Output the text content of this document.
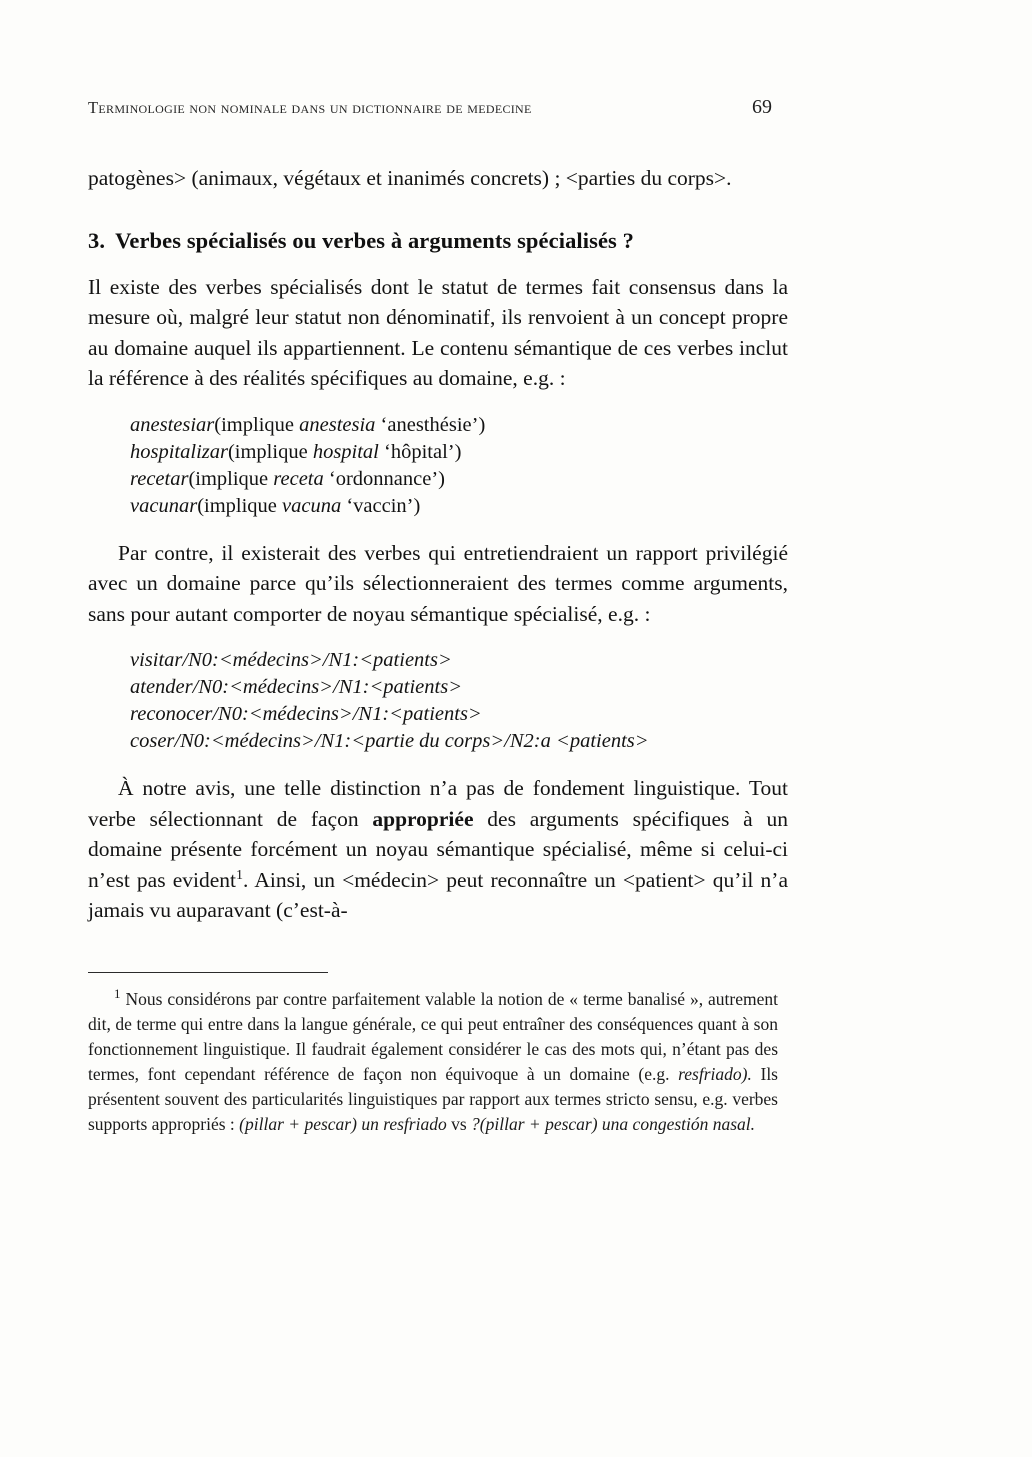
Terminologie non nominale dans un dictionnaire de medecine	69

patogènes> (animaux, végétaux et inanimés concrets) ; <parties du corps>.

3. Verbes spécialisés ou verbes à arguments spécialisés ?

Il existe des verbes spécialisés dont le statut de termes fait consensus dans la mesure où, malgré leur statut non dénominatif, ils renvoient à un concept propre au domaine auquel ils appartiennent. Le contenu sémantique de ces verbes inclut la référence à des réalités spécifiques au domaine, e.g. :

anestesiar(implique anestesia ‘anesthésie’)
hospitalizar(implique hospital ‘hôpital’)
recetar(implique receta ‘ordonnance’)
vacunar(implique vacuna ‘vaccin’)

Par contre, il existerait des verbes qui entretiendraient un rapport privilégié avec un domaine parce qu’ils sélectionneraient des termes comme arguments, sans pour autant comporter de noyau sémantique spécialisé, e.g. :

visitar/N0:<médecins>/N1:<patients>
atender/N0:<médecins>/N1:<patients>
reconocer/N0:<médecins>/N1:<patients>
coser/N0:<médecins>/N1:<partie du corps>/N2:a <patients>

À notre avis, une telle distinction n’a pas de fondement linguistique. Tout verbe sélectionnant de façon appropriée des arguments spécifiques à un domaine présente forcément un noyau sémantique spécialisé, même si celui-ci n’est pas evident$^1$. Ainsi, un <médecin> peut reconnaître un <patient> qu’il n’a jamais vu auparavant (c’est-à-

$^1$ Nous considérons par contre parfaitement valable la notion de « terme banalisé », autrement dit, de terme qui entre dans la langue générale, ce qui peut entraîner des conséquences quant à son fonctionnement linguistique. Il faudrait également considérer le cas des mots qui, n’étant pas des termes, font cependant référence de façon non équivoque à un domaine (e.g. resfriado). Ils présentent souvent des particularités linguistiques par rapport aux termes stricto sensu, e.g. verbes supports appropriés : (pillar + pescar) un resfriado vs ?(pillar + pescar) una congestión nasal.
